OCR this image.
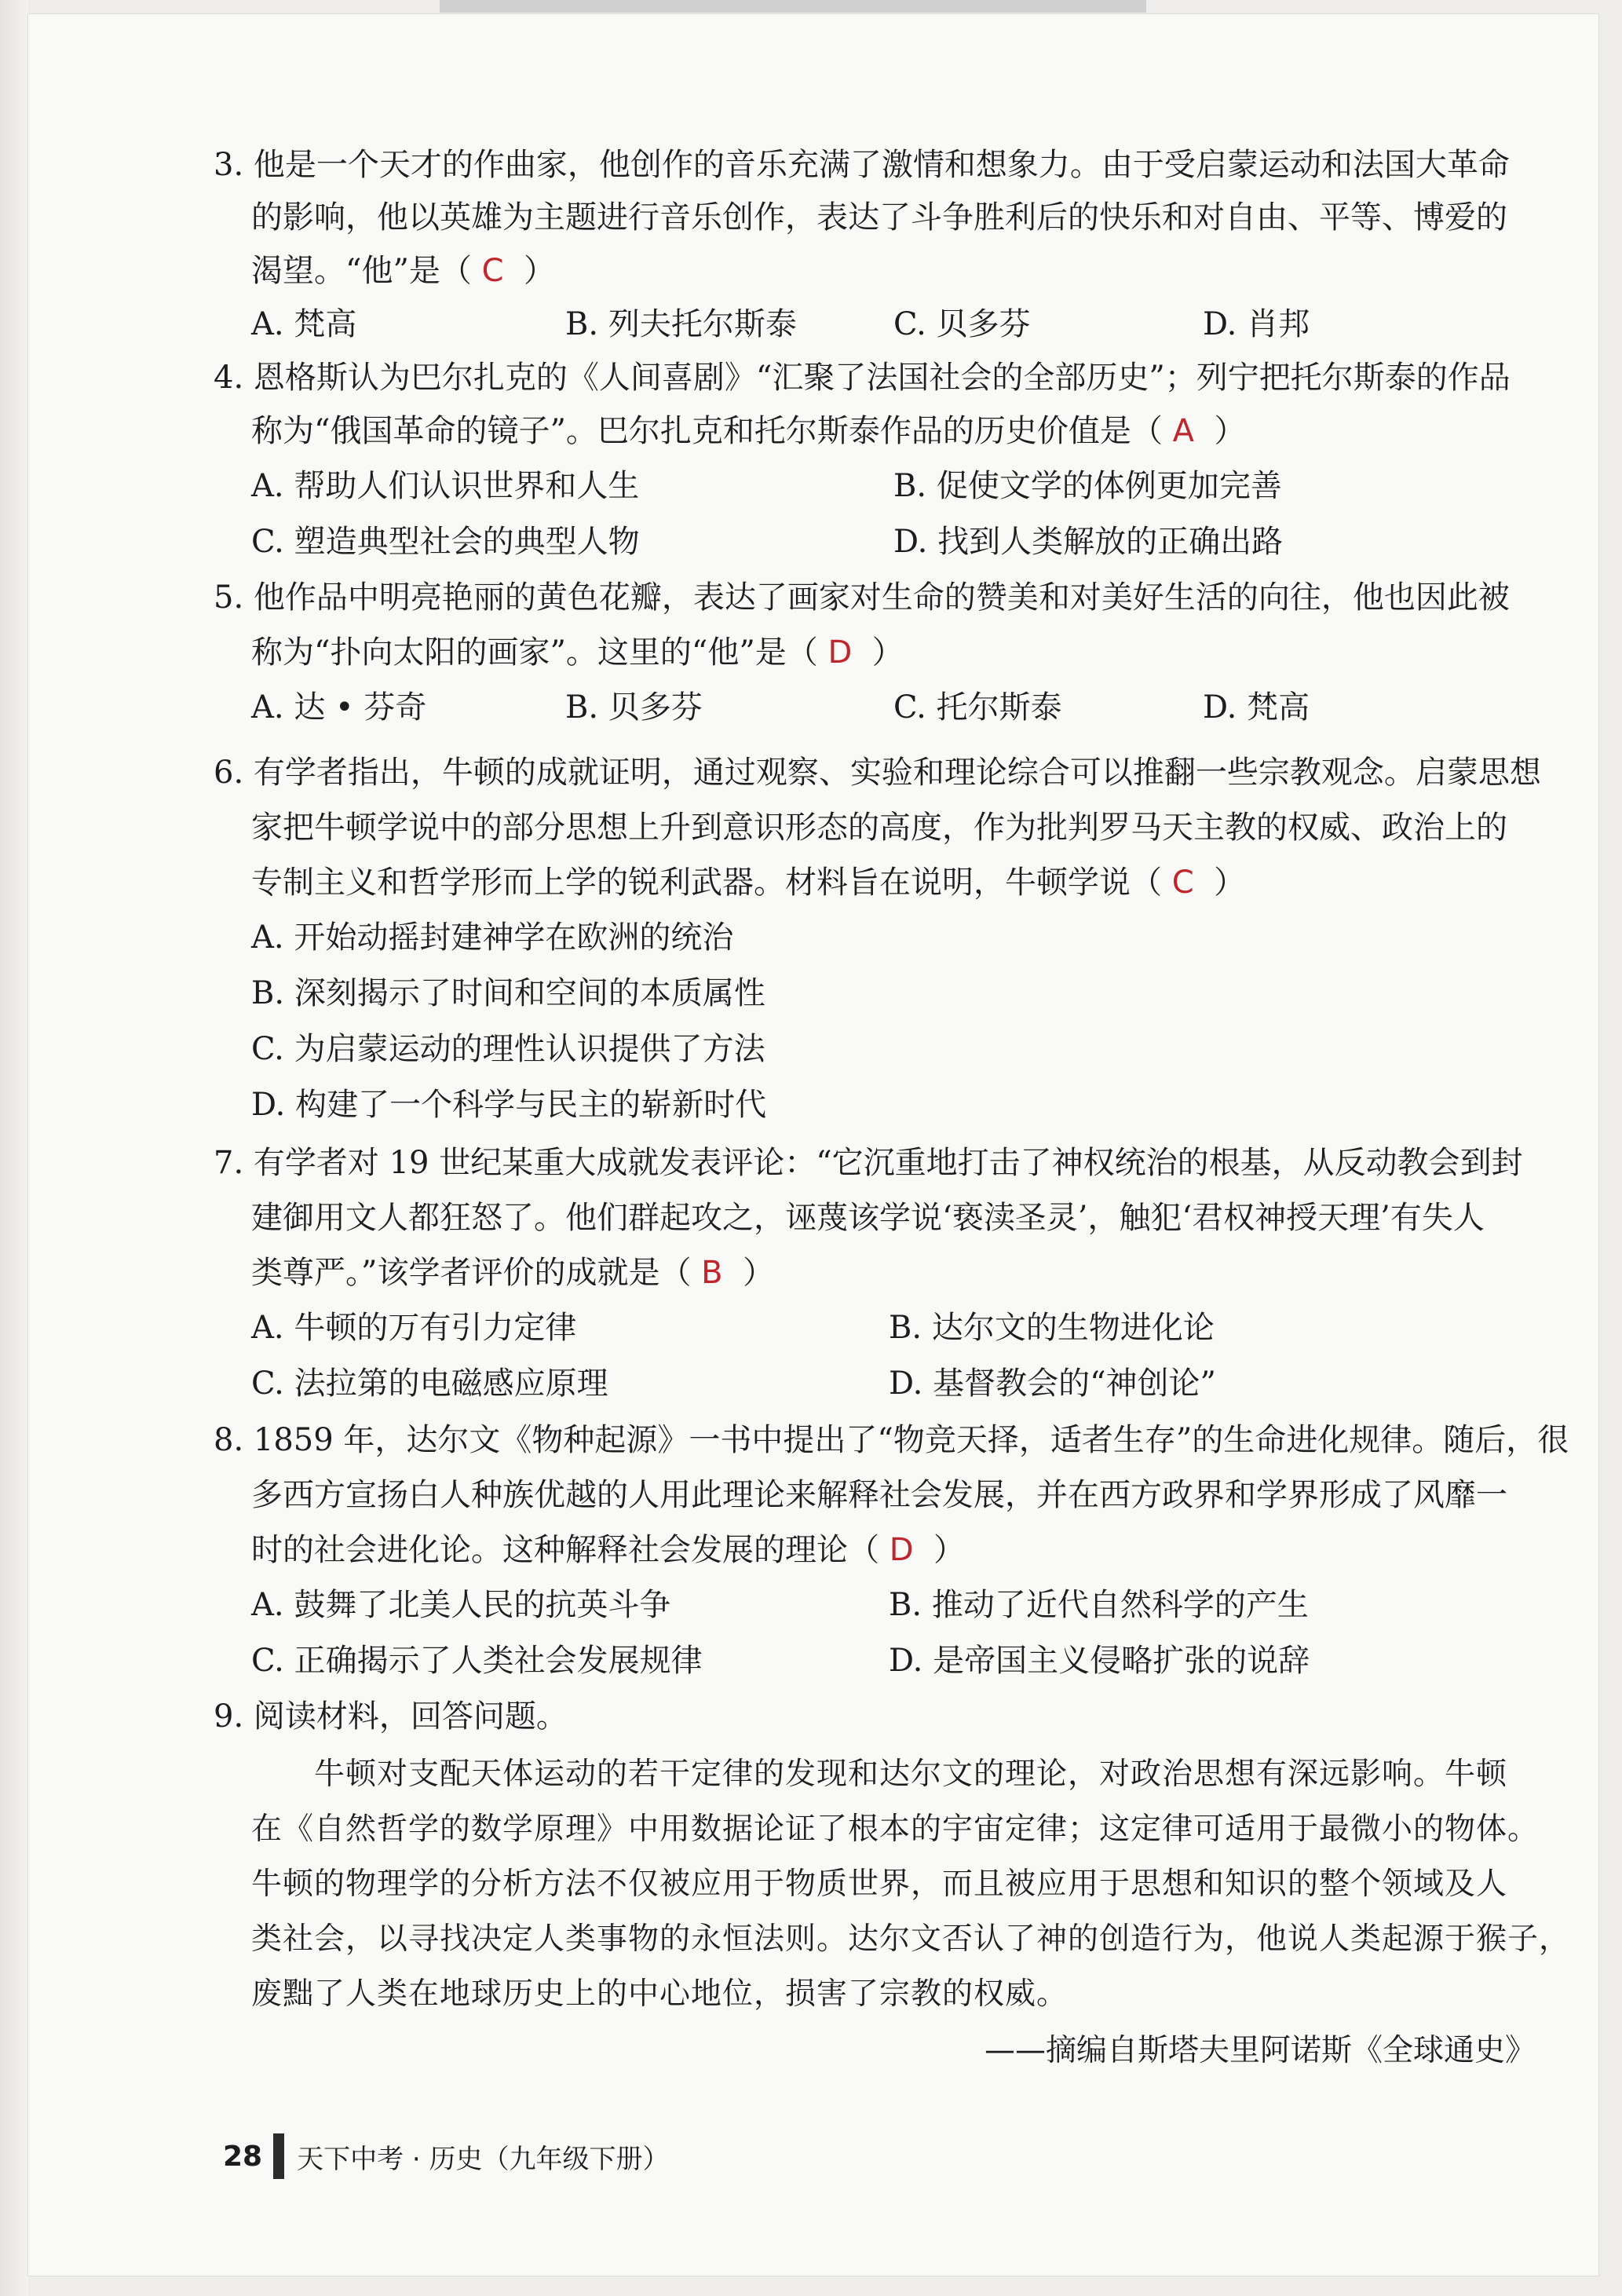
3. 他是一个天才的作曲家，他创作的音乐充满了激情和想象力。由于受启蒙运动和法国大革命
的影响，他以英雄为主题进行音乐创作，表达了斗争胜利后的快乐和对自由、平等、博爱的
渴望。“他”是（ C ）
A. 梵高	B. 列夫托尔斯泰	C. 贝多芬	D. 肖邦
4. 恩格斯认为巴尔扎克的《人间喜剧》“汇聚了法国社会的全部历史”；列宁把托尔斯泰的作品
称为“俄国革命的镜子”。巴尔扎克和托尔斯泰作品的历史价值是（ A ）
A. 帮助人们认识世界和人生	B. 促使文学的体例更加完善
C. 塑造典型社会的典型人物	D. 找到人类解放的正确出路
5. 他作品中明亮艳丽的黄色花瓣，表达了画家对生命的赞美和对美好生活的向往，他也因此被
称为“扑向太阳的画家”。这里的“他”是（ D ）
A. 达 • 芬奇	B. 贝多芬	C. 托尔斯泰	D. 梵高
6. 有学者指出，牛顿的成就证明，通过观察、实验和理论综合可以推翻一些宗教观念。启蒙思想
家把牛顿学说中的部分思想上升到意识形态的高度，作为批判罗马天主教的权威、政治上的
专制主义和哲学形而上学的锐利武器。材料旨在说明，牛顿学说（ C ）
A. 开始动摇封建神学在欧洲的统治
B. 深刻揭示了时间和空间的本质属性
C. 为启蒙运动的理性认识提供了方法
D. 构建了一个科学与民主的崭新时代
7. 有学者对 19 世纪某重大成就发表评论：“它沉重地打击了神权统治的根基，从反动教会到封
建御用文人都狂怒了。他们群起攻之，诬蔑该学说‘亵渎圣灵’，触犯‘君权神授天理’有失人
类尊严。”该学者评价的成就是（ B ）
A. 牛顿的万有引力定律	B. 达尔文的生物进化论
C. 法拉第的电磁感应原理	D. 基督教会的“神创论”
8. 1859 年，达尔文《物种起源》一书中提出了“物竞天择，适者生存”的生命进化规律。随后，很
多西方宣扬白人种族优越的人用此理论来解释社会发展，并在西方政界和学界形成了风靡一
时的社会进化论。这种解释社会发展的理论（ D ）
A. 鼓舞了北美人民的抗英斗争	B. 推动了近代自然科学的产生
C. 正确揭示了人类社会发展规律	D. 是帝国主义侵略扩张的说辞
9. 阅读材料，回答问题。
牛顿对支配天体运动的若干定律的发现和达尔文的理论，对政治思想有深远影响。牛顿
在《自然哲学的数学原理》中用数据论证了根本的宇宙定律；这定律可适用于最微小的物体。
牛顿的物理学的分析方法不仅被应用于物质世界，而且被应用于思想和知识的整个领域及人
类社会，以寻找决定人类事物的永恒法则。达尔文否认了神的创造行为，他说人类起源于猴子，
废黜了人类在地球历史上的中心地位，损害了宗教的权威。
——摘编自斯塔夫里阿诺斯《全球通史》
28 天下中考 · 历史（九年级下册）
